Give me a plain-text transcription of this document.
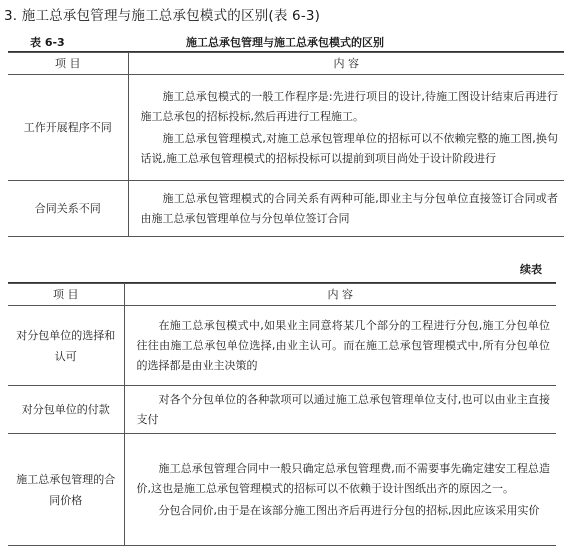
3. 施工总承包管理与施工总承包模式的区别(表 6-3)
表 6-3	施工总承包管理与施工总承包模式的区别
项 目	内 容
工作开展程序不同	施工总承包模式的一般工作程序是:先进行项目的设计,待施工图设计结束后再进行施工总承包的招标投标,然后再进行工程施工。

施工总承包管理模式,对施工总承包管理单位的招标可以不依赖完整的施工图,换句话说,施工总承包管理模式的招标投标可以提前到项目尚处于设计阶段进行

合同关系不同	施工总承包管理模式的合同关系有两种可能,即业主与分包单位直接签订合同或者由施工总承包管理单位与分包单位签订合同

续表
项 目	内 容
对分包单位的选择和认可	在施工总承包模式中,如果业主同意将某几个部分的工程进行分包,施工分包单位往往由施工总承包单位选择,由业主认可。而在施工总承包管理模式中,所有分包单位的选择都是由业主决策的

对分包单位的付款	对各个分包单位的各种款项可以通过施工总承包管理单位支付,也可以由业主直接支付

施工总承包管理的合同价格	施工总承包管理合同中一般只确定总承包管理费,而不需要事先确定建安工程总造价,这也是施工总承包管理模式的招标可以不依赖于设计图纸出齐的原因之一。

分包合同价,由于是在该部分施工图出齐后再进行分包的招标,因此应该采用实价
